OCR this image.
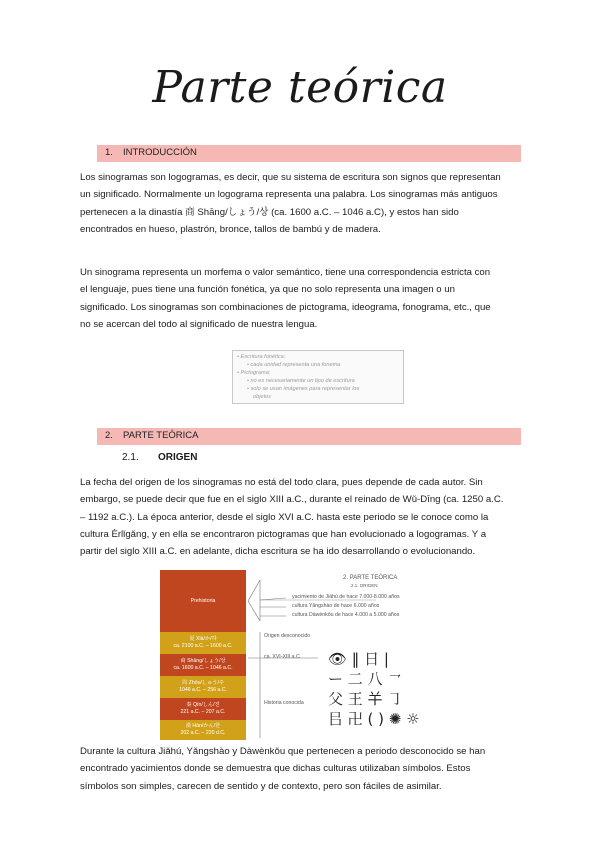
Parte teórica
1. INTRODUCCIÓN
Los sinogramas son logogramas, es decir, que su sistema de escritura son signos que representan
un significado. Normalmente un logograma representa una palabra. Los sinogramas más antiguos
pertenecen a la dinastía 商 Shāng/しょう/상 (ca. 1600 a.C. – 1046 a.C), y estos han sido
encontrados en hueso, plastrón, bronce, tallos de bambú y de madera.
Un sinograma representa un morfema o valor semántico, tiene una correspondencia estricta con
el lenguaje, pues tiene una función fonética, ya que no solo representa una imagen o un
significado. Los sinogramas son combinaciones de pictograma, ideograma, fonograma, etc., que
no se acercan del todo al significado de nuestra lengua.
• Escritura fonética:
• cada unidad representa una fonema
• Pictograma:
• no es necesariamente un tipo de escritura
• solo se usan imágenes para representar los
objetos
2. PARTE TEÓRICA
2.1. ORIGEN
La fecha del origen de los sinogramas no está del todo clara, pues depende de cada autor. Sin
embargo, se puede decir que fue en el siglo XIII a.C., durante el reinado de Wǔ-Dīng (ca. 1250 a.C.
– 1192 a.C.). La época anterior, desde el siglo XVI a.C. hasta este periodo se le conoce como la
cultura Èrlǐgǎng, y en ella se encontraron pictogramas que han evolucionado a logogramas. Y a
partir del siglo XIII a.C. en adelante, dicha escritura se ha ido desarrollando o evolucionando.
2. PARTE TEÓRICA
2.1. ORIGEN
Prehistoria
夏 Xià/か/하
ca. 2100 a.C. – 1600 a.C.
商 Shāng/しょう/상
ca. 1600 a.C. – 1046 a.C.
周 Zhōu/しゅう/주
1046 a.C. – 256 a.C.
秦 Qín/しん/진
221 a.C. – 207 a.C.
漢 Hàn/かん/한
202 a.C. – 220 d.C.
yacimiento de Jiǎhú de hace 7.000-8.000 años
cultura Yǎngshào de hace 6.000 años
cultura Dàwènkǒu de hace 4.000 a 5.000 años
Origen desconocido
ca. XVI-XIII a.C.
Historia conocida
👁 ‖ 日 |
ー 二 八 ㇖
父 王 𢆉 ㇆
㠯 卍 ( ) ✺ ☼
Durante la cultura Jiǎhú, Yǎngshào y Dàwènkǒu que pertenecen a periodo desconocido se han
encontrado yacimientos donde se demuestra que dichas culturas utilizaban símbolos. Estos
símbolos son simples, carecen de sentido y de contexto, pero son fáciles de asimilar.
